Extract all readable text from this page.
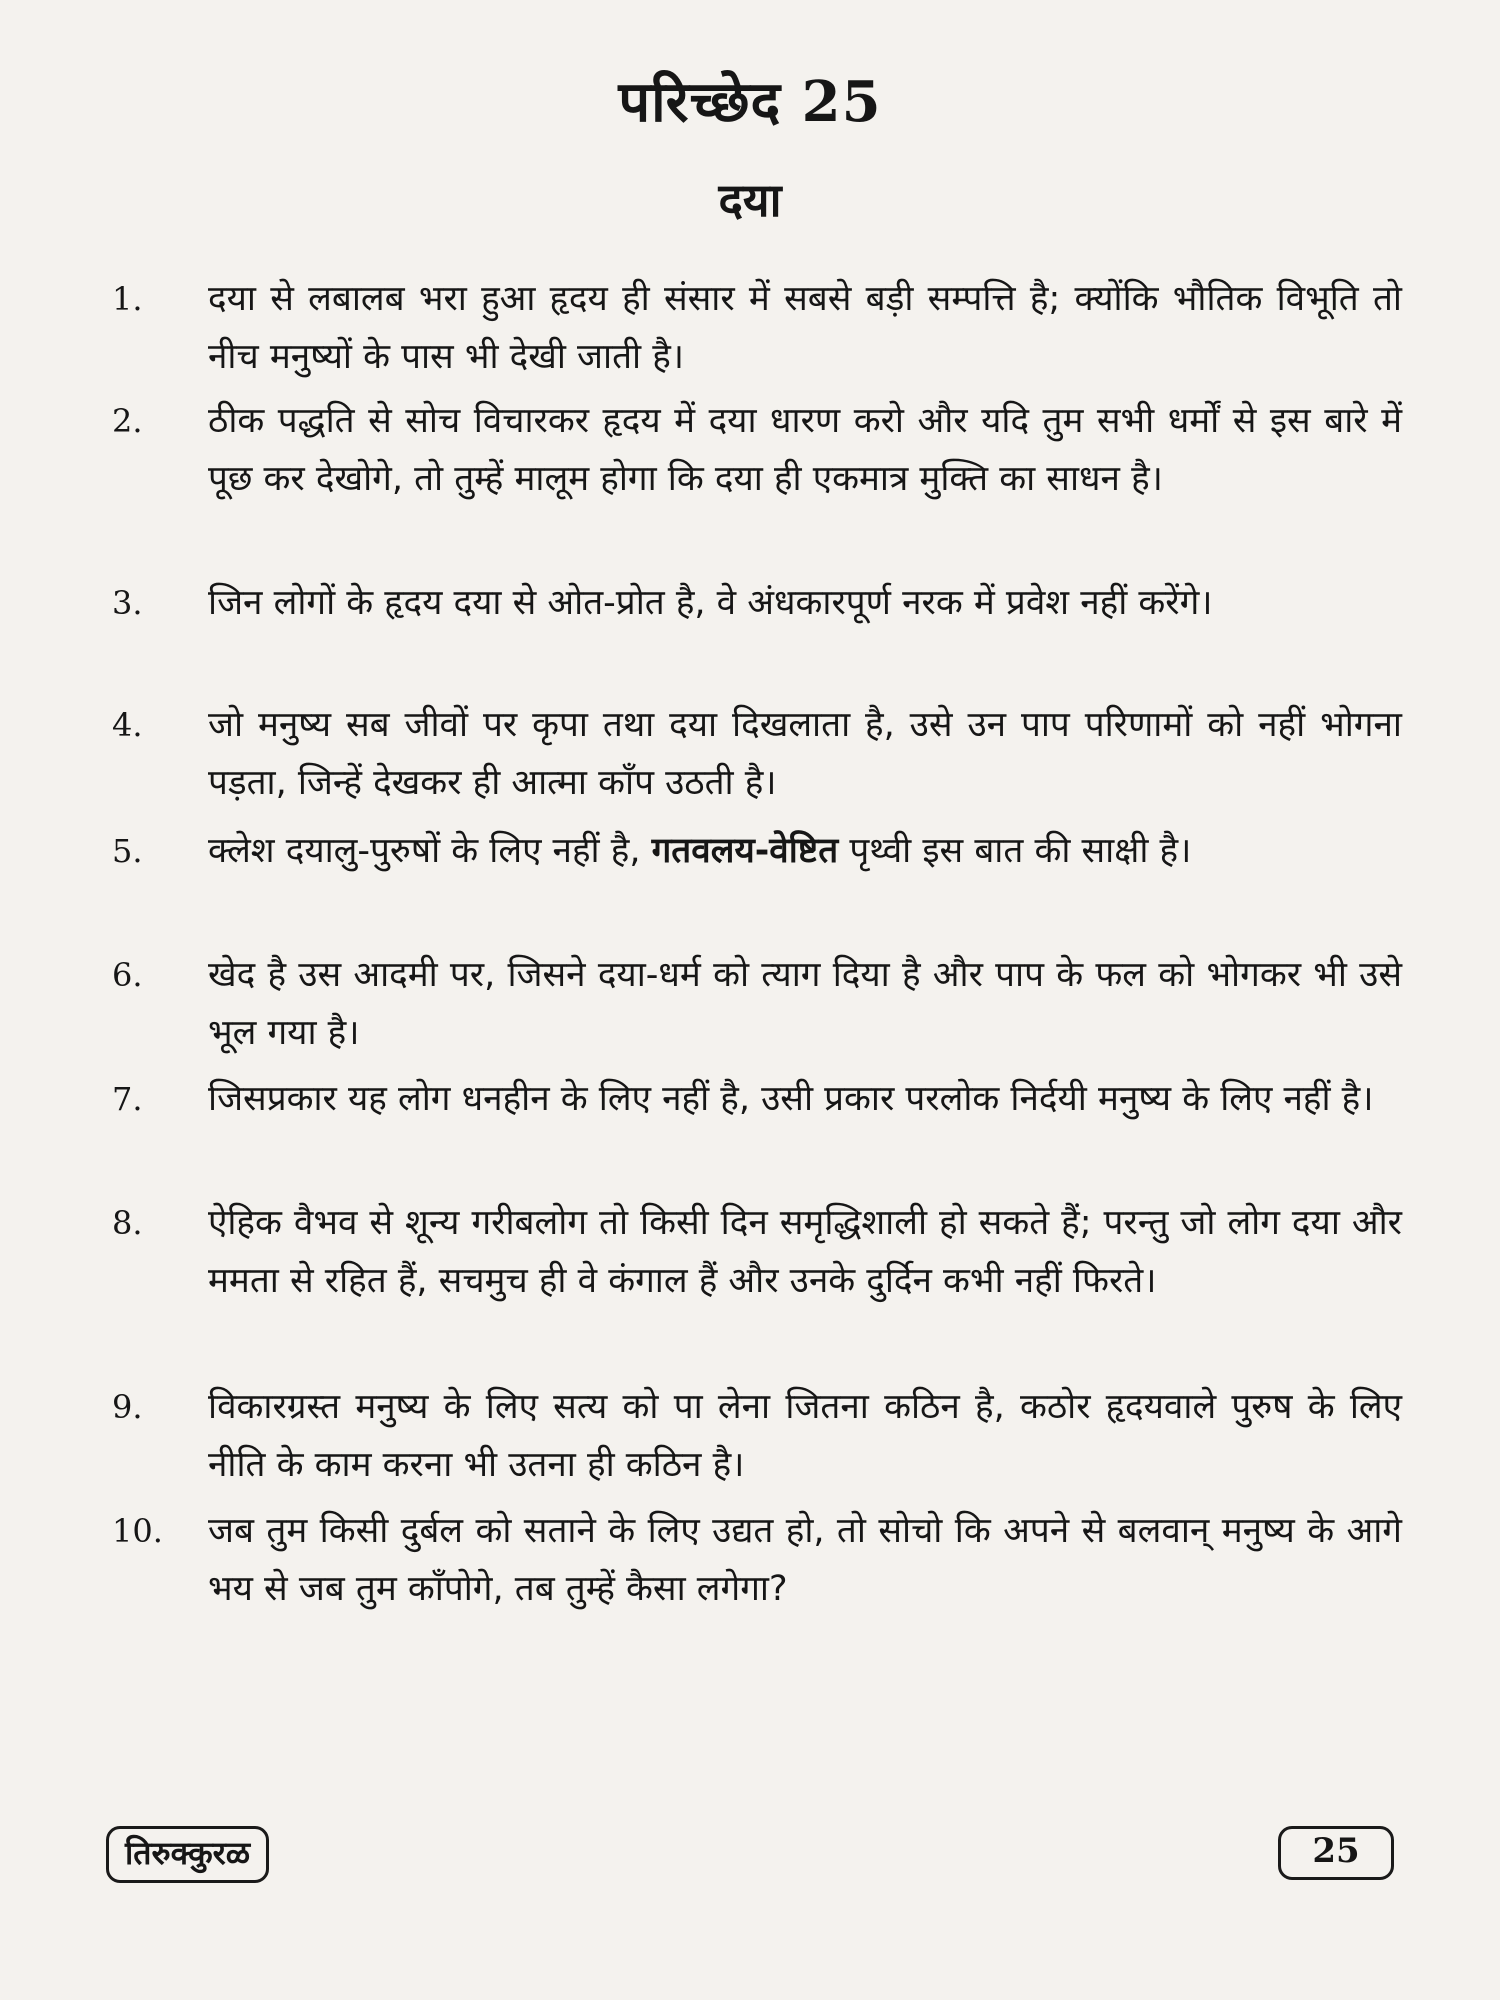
परिच्छेद 25
दया
1.	दया से लबालब भरा हुआ हृदय ही संसार में सबसे बड़ी सम्पत्ति है; क्योंकि भौतिक विभूति तो नीच मनुष्यों के पास भी देखी जाती है।
2.	ठीक पद्धति से सोच विचारकर हृदय में दया धारण करो और यदि तुम सभी धर्मों से इस बारे में पूछ कर देखोगे, तो तुम्हें मालूम होगा कि दया ही एकमात्र मुक्ति का साधन है।
3.	जिन लोगों के हृदय दया से ओत-प्रोत है, वे अंधकारपूर्ण नरक में प्रवेश नहीं करेंगे।
4.	जो मनुष्य सब जीवों पर कृपा तथा दया दिखलाता है, उसे उन पाप परिणामों को नहीं भोगना पड़ता, जिन्हें देखकर ही आत्मा काँप उठती है।
5.	क्लेश दयालु-पुरुषों के लिए नहीं है, गतवलय-वेष्टित पृथ्वी इस बात की साक्षी है।
6.	खेद है उस आदमी पर, जिसने दया-धर्म को त्याग दिया है और पाप के फल को भोगकर भी उसे भूल गया है।
7.	जिसप्रकार यह लोग धनहीन के लिए नहीं है, उसी प्रकार परलोक निर्दयी मनुष्य के लिए नहीं है।
8.	ऐहिक वैभव से शून्य गरीबलोग तो किसी दिन समृद्धिशाली हो सकते हैं; परन्तु जो लोग दया और ममता से रहित हैं, सचमुच ही वे कंगाल हैं और उनके दुर्दिन कभी नहीं फिरते।
9.	विकारग्रस्त मनुष्य के लिए सत्य को पा लेना जितना कठिन है, कठोर हृदयवाले पुरुष के लिए नीति के काम करना भी उतना ही कठिन है।
10.	जब तुम किसी दुर्बल को सताने के लिए उद्यत हो, तो सोचो कि अपने से बलवान् मनुष्य के आगे भय से जब तुम काँपोगे, तब तुम्हें कैसा लगेगा?
तिरुक्कुरळ	25
